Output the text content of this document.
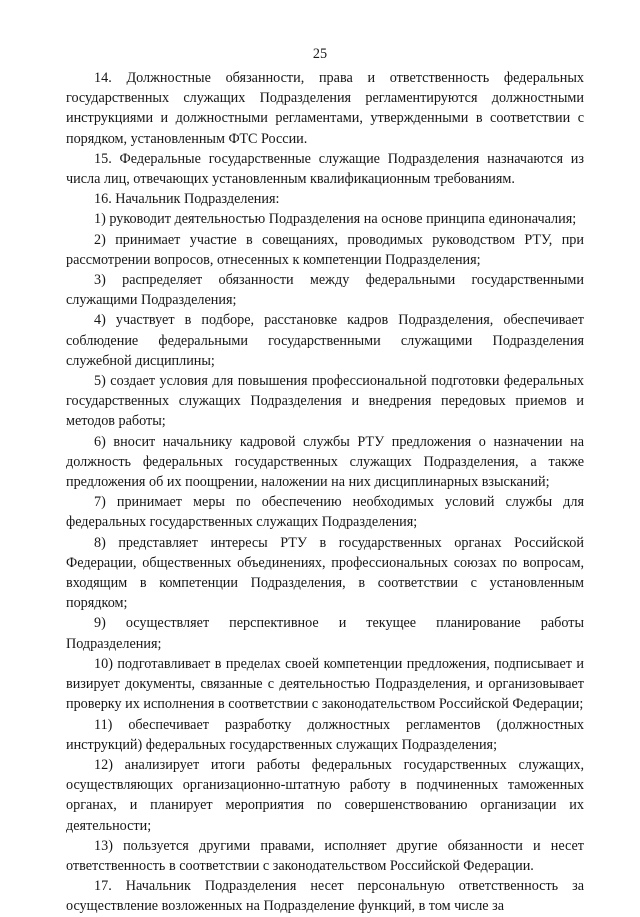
25

14. Должностные обязанности, права и ответственность федеральных государственных служащих Подразделения регламентируются должностными инструкциями и должностными регламентами, утвержденными в соответствии с порядком, установленным ФТС России.

15. Федеральные государственные служащие Подразделения назначаются из числа лиц, отвечающих установленным квалификационным требованиям.

16. Начальник Подразделения:

1) руководит деятельностью Подразделения на основе принципа единоначалия;

2) принимает участие в совещаниях, проводимых руководством РТУ, при рассмотрении вопросов, отнесенных к компетенции Подразделения;

3) распределяет обязанности между федеральными государственными служащими Подразделения;

4) участвует в подборе, расстановке кадров Подразделения, обеспечивает соблюдение федеральными государственными служащими Подразделения служебной дисциплины;

5) создает условия для повышения профессиональной подготовки федеральных государственных служащих Подразделения и внедрения передовых приемов и методов работы;

6) вносит начальнику кадровой службы РТУ предложения о назначении на должность федеральных государственных служащих Подразделения, а также предложения об их поощрении, наложении на них дисциплинарных взысканий;

7) принимает меры по обеспечению необходимых условий службы для федеральных государственных служащих Подразделения;

8) представляет интересы РТУ в государственных органах Российской Федерации, общественных объединениях, профессиональных союзах по вопросам, входящим в компетенции Подразделения, в соответствии с установленным порядком;

9) осуществляет перспективное и текущее планирование работы Подразделения;

10) подготавливает в пределах своей компетенции предложения, подписывает и визирует документы, связанные с деятельностью Подразделения, и организовывает проверку их исполнения в соответствии с законодательством Российской Федерации;

11) обеспечивает разработку должностных регламентов (должностных инструкций) федеральных государственных служащих Подразделения;

12) анализирует итоги работы федеральных государственных служащих, осуществляющих организационно-штатную работу в подчиненных таможенных органах, и планирует мероприятия по совершенствованию организации их деятельности;

13) пользуется другими правами, исполняет другие обязанности и несет ответственность в соответствии с законодательством Российской Федерации.

17. Начальник Подразделения несет персональную ответственность за осуществление возложенных на Подразделение функций, в том числе за
